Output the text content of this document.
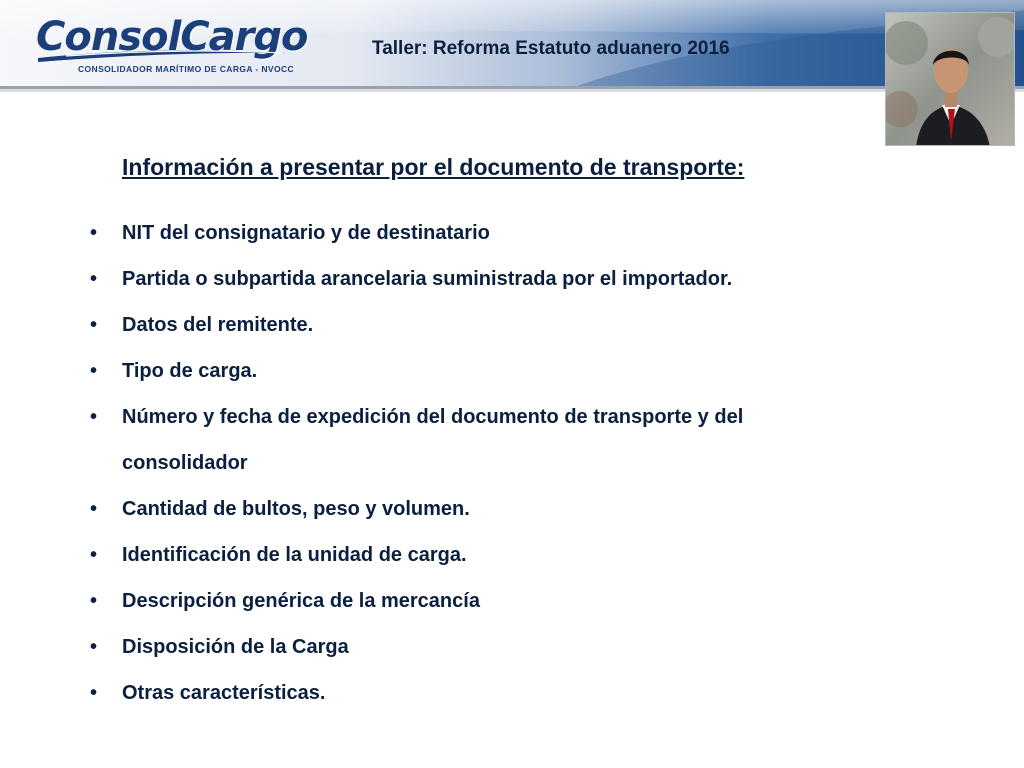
ConsolCargo
CONSOLIDADOR MARÍTIMO DE CARGA - NVOCC
Taller: Reforma Estatuto aduanero 2016
Información a presentar por el documento de transporte:
• NIT del consignatario y de destinatario
• Partida o subpartida arancelaria suministrada por el importador.
• Datos del remitente.
• Tipo de carga.
• Número y fecha de expedición del documento de transporte y del consolidador
• Cantidad de bultos, peso y volumen.
• Identificación de la unidad de carga.
• Descripción genérica de la mercancía
• Disposición de la Carga
• Otras características.
